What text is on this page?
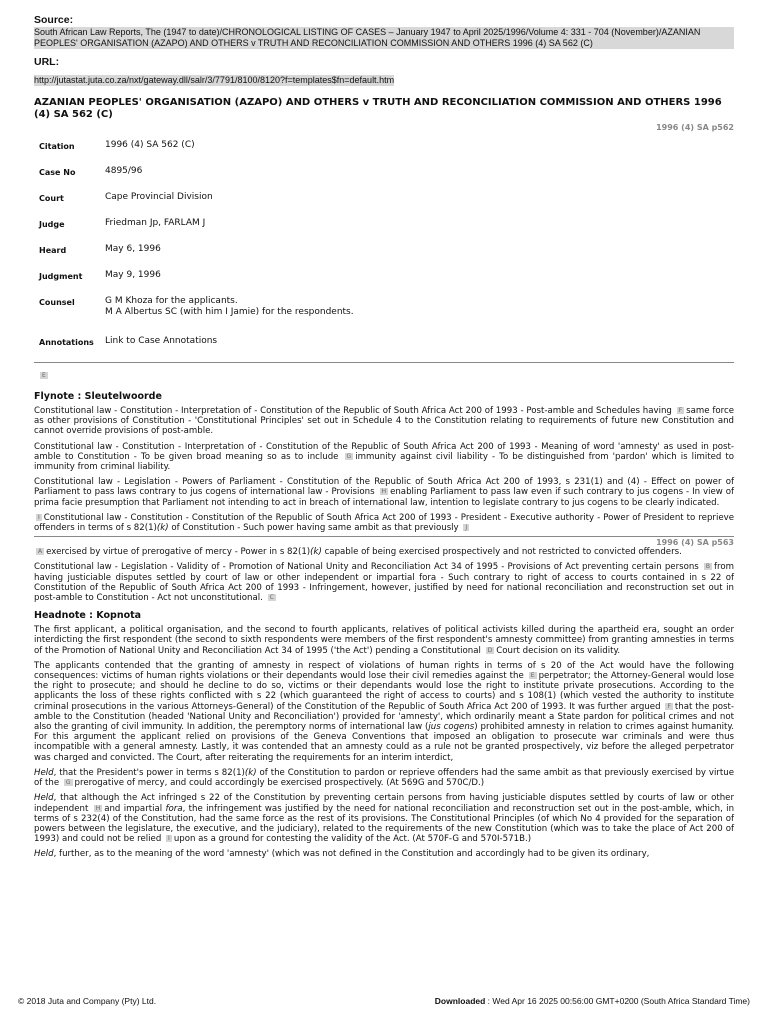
Source:
South African Law Reports, The (1947 to date)/CHRONOLOGICAL LISTING OF CASES – January 1947 to April 2025/1996/Volume 4: 331 - 704 (November)/AZANIAN PEOPLES' ORGANISATION (AZAPO) AND OTHERS v TRUTH AND RECONCILIATION COMMISSION AND OTHERS 1996 (4) SA 562 (C)
URL:
http://jutastat.juta.co.za/nxt/gateway.dll/salr/3/7791/8100/8120?f=templates$fn=default.htm
AZANIAN PEOPLES' ORGANISATION (AZAPO) AND OTHERS v TRUTH AND RECONCILIATION COMMISSION AND OTHERS 1996 (4) SA 562 (C)
1996 (4) SA p562
Citation	1996 (4) SA 562 (C)
Case No	4895/96
Court	Cape Provincial Division
Judge	Friedman Jp, FARLAM J
Heard	May 6, 1996
Judgment	May 9, 1996
Counsel	G M Khoza for the applicants.
M A Albertus SC (with him I Jamie) for the respondents.
Annotations	Link to Case Annotations
E
Flynote : Sleutelwoorde

Constitutional law - Constitution - Interpretation of - Constitution of the Republic of South Africa Act 200 of 1993 - Post-amble and Schedules having F same force as other provisions of Constitution - 'Constitutional Principles' set out in Schedule 4 to the Constitution relating to requirements of future new Constitution and cannot override provisions of post-amble.

Constitutional law - Constitution - Interpretation of - Constitution of the Republic of South Africa Act 200 of 1993 - Meaning of word 'amnesty' as used in post-amble to Constitution - To be given broad meaning so as to include G immunity against civil liability - To be distinguished from 'pardon' which is limited to immunity from criminal liability.

Constitutional law - Legislation - Powers of Parliament - Constitution of the Republic of South Africa Act 200 of 1993, s 231(1) and (4) - Effect on power of Parliament to pass laws contrary to jus cogens of international law - Provisions H enabling Parliament to pass law even if such contrary to jus cogens - In view of prima facie presumption that Parliament not intending to act in breach of international law, intention to legislate contrary to jus cogens to be clearly indicated.

I Constitutional law - Constitution - Constitution of the Republic of South Africa Act 200 of 1993 - President - Executive authority - Power of President to reprieve offenders in terms of s 82(1)(k) of Constitution - Such power having same ambit as that previously J

1996 (4) SA p563

A exercised by virtue of prerogative of mercy - Power in s 82(1)(k) capable of being exercised prospectively and not restricted to convicted offenders.

Constitutional law - Legislation - Validity of - Promotion of National Unity and Reconciliation Act 34 of 1995 - Provisions of Act preventing certain persons B from having justiciable disputes settled by court of law or other independent or impartial fora - Such contrary to right of access to courts contained in s 22 of Constitution of the Republic of South Africa Act 200 of 1993 - Infringement, however, justified by need for national reconciliation and reconstruction set out in post-amble to Constitution - Act not unconstitutional. C

Headnote : Kopnota

The first applicant, a political organisation, and the second to fourth applicants, relatives of political activists killed during the apartheid era, sought an order interdicting the first respondent (the second to sixth respondents were members of the first respondent's amnesty committee) from granting amnesties in terms of the Promotion of National Unity and Reconciliation Act 34 of 1995 ('the Act') pending a Constitutional D Court decision on its validity.

The applicants contended that the granting of amnesty in respect of violations of human rights in terms of s 20 of the Act would have the following consequences: victims of human rights violations or their dependants would lose their civil remedies against the E perpetrator; the Attorney-General would lose the right to prosecute; and should he decline to do so, victims or their dependants would lose the right to institute private prosecutions. According to the applicants the loss of these rights conflicted with s 22 (which guaranteed the right of access to courts) and s 108(1) (which vested the authority to institute criminal prosecutions in the various Attorneys-General) of the Constitution of the Republic of South Africa Act 200 of 1993. It was further argued F that the post-amble to the Constitution (headed 'National Unity and Reconciliation') provided for 'amnesty', which ordinarily meant a State pardon for political crimes and not also the granting of civil immunity. In addition, the peremptory norms of international law (jus cogens) prohibited amnesty in relation to crimes against humanity. For this argument the applicant relied on provisions of the Geneva Conventions that imposed an obligation to prosecute war criminals and were thus incompatible with a general amnesty. Lastly, it was contended that an amnesty could as a rule not be granted prospectively, viz before the alleged perpetrator was charged and convicted. The Court, after reiterating the requirements for an interim interdict,

Held, that the President's power in terms s 82(1)(k) of the Constitution to pardon or reprieve offenders had the same ambit as that previously exercised by virtue of the G prerogative of mercy, and could accordingly be exercised prospectively. (At 569G and 570C/D.)

Held, that although the Act infringed s 22 of the Constitution by preventing certain persons from having justiciable disputes settled by courts of law or other independent H and impartial fora, the infringement was justified by the need for national reconciliation and reconstruction set out in the post-amble, which, in terms of s 232(4) of the Constitution, had the same force as the rest of its provisions. The Constitutional Principles (of which No 4 provided for the separation of powers between the legislature, the executive, and the judiciary), related to the requirements of the new Constitution (which was to take the place of Act 200 of 1993) and could not be relied I upon as a ground for contesting the validity of the Act. (At 570F-G and 570I-571B.)

Held, further, as to the meaning of the word 'amnesty' (which was not defined in the Constitution and accordingly had to be given its ordinary,

© 2018 Juta and Company (Pty) Ltd.	Downloaded : Wed Apr 16 2025 00:56:00 GMT+0200 (South Africa Standard Time)
